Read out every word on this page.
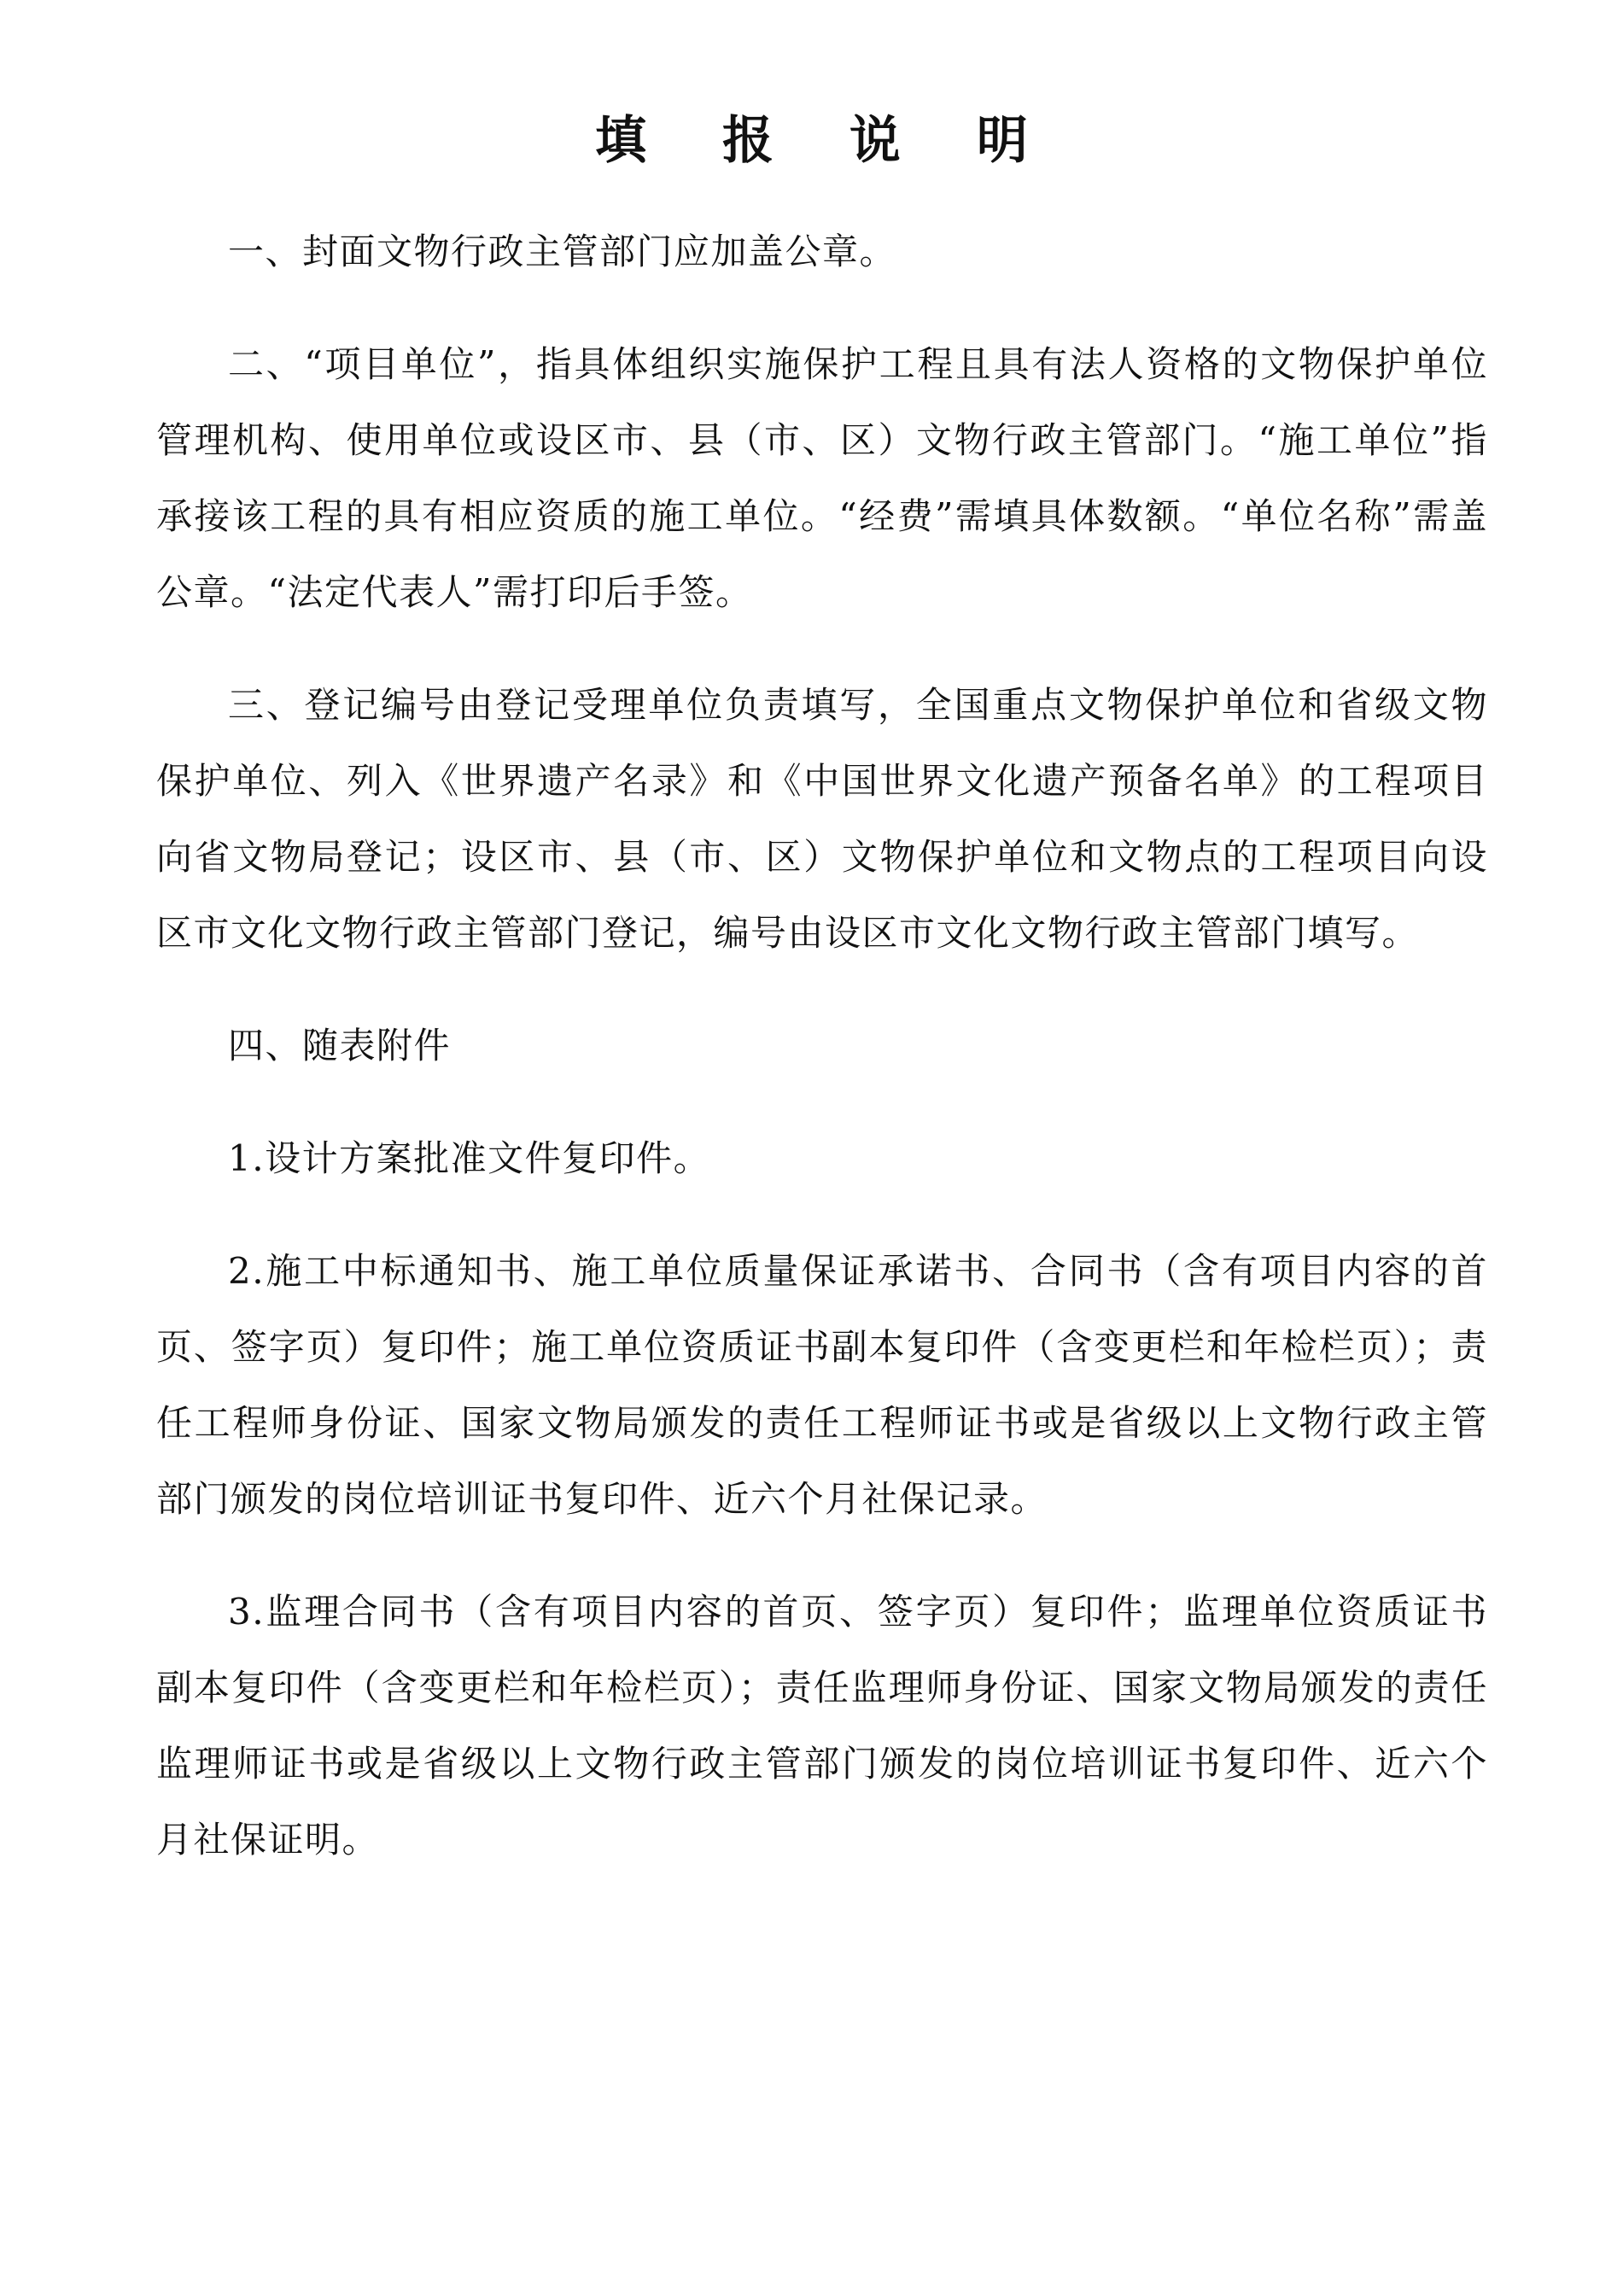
填 报 说 明

一、封面文物行政主管部门应加盖公章。

二、“项目单位”，指具体组织实施保护工程且具有法人资格的文物保护单位管理机构、使用单位或设区市、县（市、区）文物行政主管部门。“施工单位”指承接该工程的具有相应资质的施工单位。“经费”需填具体数额。“单位名称”需盖公章。“法定代表人”需打印后手签。

三、登记编号由登记受理单位负责填写，全国重点文物保护单位和省级文物保护单位、列入《世界遗产名录》和《中国世界文化遗产预备名单》的工程项目向省文物局登记；设区市、县（市、区）文物保护单位和文物点的工程项目向设区市文化文物行政主管部门登记，编号由设区市文化文物行政主管部门填写。

四、随表附件

1.设计方案批准文件复印件。

2.施工中标通知书、施工单位质量保证承诺书、合同书（含有项目内容的首页、签字页）复印件；施工单位资质证书副本复印件（含变更栏和年检栏页）；责任工程师身份证、国家文物局颁发的责任工程师证书或是省级以上文物行政主管部门颁发的岗位培训证书复印件、近六个月社保记录。

3.监理合同书（含有项目内容的首页、签字页）复印件；监理单位资质证书副本复印件（含变更栏和年检栏页）；责任监理师身份证、国家文物局颁发的责任监理师证书或是省级以上文物行政主管部门颁发的岗位培训证书复印件、近六个月社保证明。
